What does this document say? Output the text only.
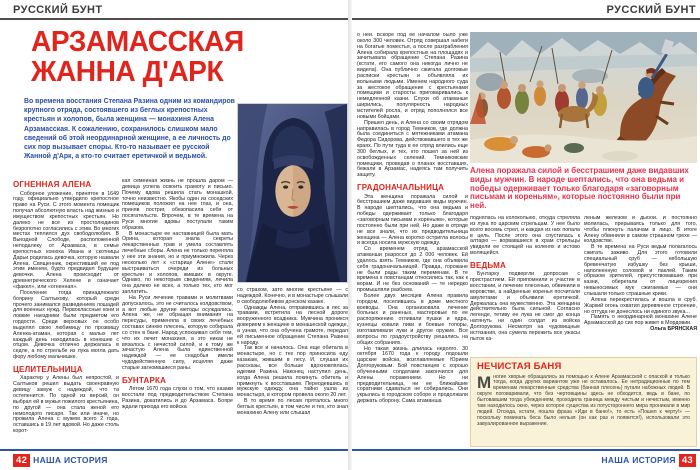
РУССКИЙ БУНТ
АРЗАМАССКАЯ
ЖАННА Д'АРК

Во времена восстания Степана Разина одним из командиров крупного отряда, состоявшего из беглых крепостных крестьян и холопов, была женщина — монахиня Алена Арзамасская. К сожалению, сохранилось слишком мало сведений об этой неординарной женщине, а ее личность до сих пор вызывает споры. Кто-то называет ее русской Жанной д'Арк, а кто-то считает еретичкой и ведьмой.

ОГНЕННАЯ АЛЕНА

Соборное уложение, принятое в 1649 году, официально утвердило крепостное право на Руси. С этого момента помещик получал абсолютную власть над жизнью и имуществом крепостных крестьян. Но далеко не все из простолюдинов безропотно согласились с этим. Во многих местах теплился дух свободолюбия. В Выездной Слободе, расположенной неподалеку от Арзамаса, в семье крепостных конюха Ивана и скотницы Дарьи родилась девочка, которую назвали Алена. Священник, окрестивший ее под этим именем, будто предвидел будущее девочки. Алена происходит от древнегреческого Хелене и означает «факел», или «огненная».

Поселение тогда принадлежало боярину Салтыкову, который среди прочего занимался разведением лошадей для военных нужд. Первоклассные кони и ловкие наездники были предметом его гордости. Среди верховых он особо выделял свою любимицу по прозвищу Аленка-атаман, которая с малых лет каждый день находилась в конюшне с отцом. Девочка отлично держалась в седле, а по стрельбе из лука могла дать фору любому мальчишке.

ЦЕЛИТЕЛЬНИЦА

Характер у Алены был непростой, и Салтыков решил выдать своенравную девицу замуж с надеждой, что та остепенится. По одной из версий, он выбрал ей в мужья пожилого крестьянина, по другой — она стала женой его немолодого писаря. Так или иначе, но прожила Алена с мужем всего 2 года, оставшись в 19 лет вдовой. Но даже столь корот-

кая семейная жизнь не прошла даром — девица успела освоить грамоту и письмо. Почему вдова решила стать монашкой, точно неизвестно. Якобы один из соседских помещиков положил на нее глаз, и она, приняв постриг, обезопасила себя от посягательств. Впрочем, в те времена на Руси многие вдовы поступали таким образом.

В монастыре ее наставницей была мать Орина, которая знала секреты лекарственных трав и умела составлять лечебные сборы. Алена не только переняла у нее эти знания, но и приумножила. Через несколько лет к «старице Алене» стали выстраиваться очереди из больных крестьян и холопов, живших в округе. Однако, по некоторым сведениям, лечила она далеко не всех, а только тех, кто мог заплатить.

На Руси лечение травами и молитвами допускалось, это не считалось колдовством, а вот любые другие методы осуждались. Алена же, не обращая внимания на пересуды, применяла в своих лечебных составах синюю плесень, которую собирала со стен в бане. Народ успокаивал себя тем, что их лечит монахиня, а это никак не вязалось с нечистой силой, и к тому же зачастую Алена была единственной надеждой — ее снадобья имели чудодейственную силу, исцеляя даже старые загноившиеся раны.

БУНТАРКА

Летом 1670 года слухи о том, что казаки восстали под предводительством Степана Разина, докатились и до Арзамаса. Бояре ждали прихода его войска

со страхом, зато многие крестьяне — с надеждой. Конечно, и в монастыре слышали о свободолюбивом донском казаке.

Однажды Алена, отправившись в лес за травами, встретила на лесной дороге вооруженного всадника. Мужчина проникся доверием к женщине в монашеской одежде, а узнав, что она обучена грамоте, передал ей письменное обращение Степана Разина к народу.

Так все и началось. Она еще обитала в монастыре, но с тех пор приносила еду казакам, жившим в лесу. И, слушая их рассказы, все больше вдохновлялась идеями Разина. Наконец наступил день, когда Алена решила покинуть обитель и примкнуть к восставшим. Переодевшись в мужскую одежду, она тайно ушла из монастыря, в котором провела около 20 лет.

В то время по лесам пряталось много беглых крестьян, в том числе и тех, кто знал монахиню Алену или слышал

42 НАША ИСТОРИЯ
РУССКИЙ БУНТ

о ней. Вскоре под ее началом было уже около 300 человек. Отряд совершал набеги на богатые поместья, а после разграбления Алена собирала крепостных на площадях и зачитывала обращение Степана Разина (кстати, его самого она никогда лично не видела). Она публично сжигала долговые расписки крестьян и объявляла их вольными людьми. Именем народного суда за жестокое обращение с крестьянами помещики и старосты приговаривались к немедленной казни. Слухи об атаманше ширились, популярность народных мстителей росла, и отряд пополнялся все новыми бойцами.

Пришел день, и Алена со своим отрядом направилась в город Темников, где должна была соединиться с мятежниками атамана Федора Сидорова, действовавшего в тех же краях. По пути туда в ее отряд влились еще 300 беглых, и тех, кто пошел за ней из освобожденных селений. Темниковские помещики, проведав о планах восставших, бежали в Арзамас, надеясь там получить защиту.

ГРАДОНАЧАЛЬНИЦА

Эта женщина поражала силой и бесстрашием даже видавших виды мужчин. В народе шептались, что она ведьма и победы одерживает только благодаря «заговорным письмам и кореньям», которые постоянно были при ней. Но даже в отряде не все знали, что их предводительница женщина — Алена коротко остригла волосы и всегда носила мужскую одежду.

Со временем отряд арзамасской атаманши разросся до 2 000 человек. Ей удалось взять Темников, где она объявила себя градоначальницей. Правда, горожане не были рады таким переменам. В те времена к повстанцам относились так, как к ворам. И не без оснований — те нередко промышляли разбоем.

Более двух месяцев Алена правила городом, поселившись в доме местного воеводы. Она организовала лечение больных и раненых, мастеровые по ее распоряжению отливали пушки и ядра, кузнецы ковали пики и боевые топоры, изготавливали луки и другое оружие. Все вопросы по градоустройству решались на общих собраниях.

Но такая жизнь длилась недолго. 30 октября 1670 года к городу подошли царские войска, возглавляемые Юрием Долгоруковым. Бой повстанцев с хорошо обученными солдатами закончился для Алены поражением. Но ни предводительница, ни ее ближайшие соратники сдаваться не собирались. Они укрылись в городском соборе и продолжали держать оборону. Сама атаманша

Алена поражала силой и бесстрашием даже видавших виды мужчин. В народе шептались, что она ведьма и победы одерживает только благодаря «заговорным письмам и кореньям», которые постоянно были при ней.

поднялась на колокольню, откуда стреляла из лука по царским стрельцам. У нее было всего восемь стрел, и каждая из них попала в цель. После этого она спустилась к алтарю — ворвавшиеся в храм стрельцы увидели ее стоящей на коленях и истово молящейся.

ВЕДЬМА

Бунтарку подвергли допросам с пристрастием. Ей припомнили и участие в восстании, и лечение плесенью, обвинили в воровстве, а найденные коренья посчитали амулетами и объявили еретичкой. Держалась она мужественно. Эта женщина действительно была сильной. Согласно легенде, тетиву ее лука не смог до конца натянуть ни один солдат из войска Долгорукова. Несмотря на чудовищные истязания, она сумела пережить все ужасы пыток ка-

леным железом и дыбой. И постоянно молилась, прерываясь только для того, чтобы плюнуть палачам в лицо. В итоге Алену обвинили в самом страшном грехе — колдовстве.

В те времена на Руси ведьм полагалось сжигать заживо. Для этого готовили специальный сруб — небольшую бревенчатую избушку без крыши, наполненную соломой и паклей. Таким образом зрителей, присутствовавших при казни, оберегали от лицезрения невыносимых мук сжигаемых — они слышали только страшные крики.

Алена перекрестилась и вошла в сруб. Жаркий огонь охватил деревянное строение, но оттуда не донеслось ни единого звука...

Память о неординарной монахине Алене Арзамасской до сих пор живет в Мордовии.

Ольга БРЯНСКАЯ

НЕЧИСТАЯ БАНЯ

Многие хворые обращались за помощью к Алене Арзамасской с опаской и только тогда, когда других вариантов уже не оставалось. Ее нетрадиционные по тем временам лекарственные средства (банная плесень) пугали набожных людей. В округе поговаривали, что без чертовщины здесь не обходится, ведь в бане, по бытовавшим тогда убеждениям, проходила граница между чистым и нечистым, именно там находилось окно, через которое существа из потустороннего мира проникали в мир людей. Отсюда, кстати, пошла фраза «Иди в баню!», то есть «Пошел к черту!» — поскольку поминать беса было нельзя (он как раз и появится!), использовали это завуалированное выражение.

НАША ИСТОРИЯ 43
